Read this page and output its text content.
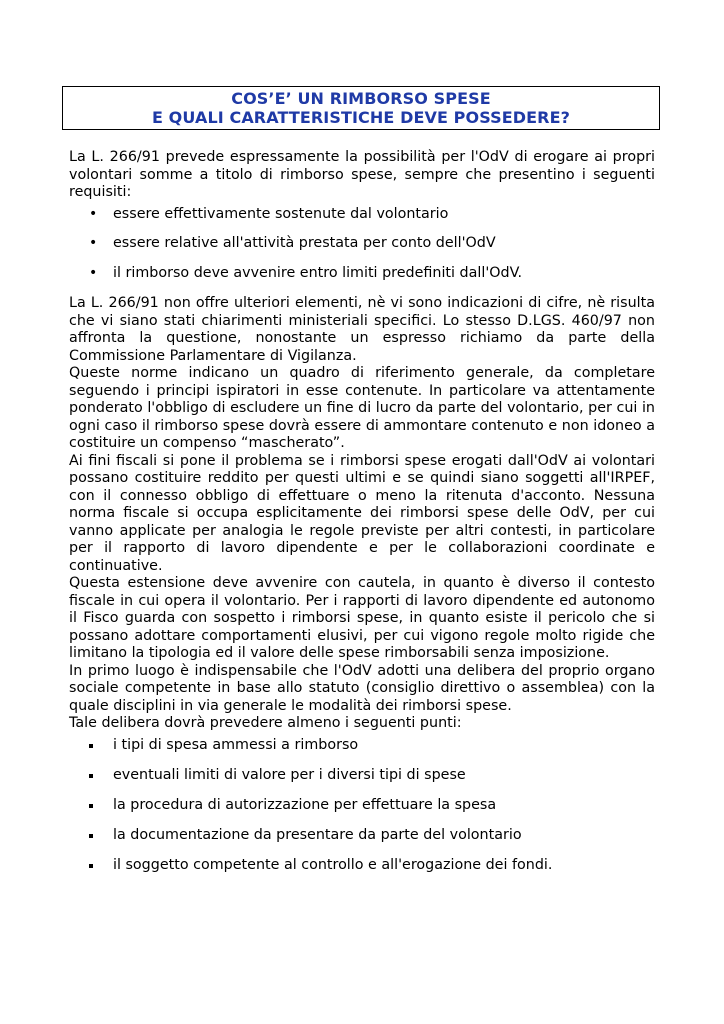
COS’E’ UN RIMBORSO SPESE
E QUALI CARATTERISTICHE DEVE POSSEDERE?

La L. 266/91 prevede espressamente la possibilità per l'OdV di erogare ai propri volontari somme a titolo di rimborso spese, sempre che presentino i seguenti requisiti:

• essere effettivamente sostenute dal volontario
• essere relative all'attività prestata per conto dell'OdV
• il rimborso deve avvenire entro limiti predefiniti dall'OdV.

La L. 266/91 non offre ulteriori elementi, nè vi sono indicazioni di cifre, nè risulta che vi siano stati chiarimenti ministeriali specifici. Lo stesso D.LGS. 460/97 non affronta la questione, nonostante un espresso richiamo da parte della Commissione Parlamentare di Vigilanza.

Queste norme indicano un quadro di riferimento generale, da completare seguendo i principi ispiratori in esse contenute. In particolare va attentamente ponderato l'obbligo di escludere un fine di lucro da parte del volontario, per cui in ogni caso il rimborso spese dovrà essere di ammontare contenuto e non idoneo a costituire un compenso “mascherato”.

Ai fini fiscali si pone il problema se i rimborsi spese erogati dall'OdV ai volontari possano costituire reddito per questi ultimi e se quindi siano soggetti all'IRPEF, con il connesso obbligo di effettuare o meno la ritenuta d'acconto. Nessuna norma fiscale si occupa esplicitamente dei rimborsi spese delle OdV, per cui vanno applicate per analogia le regole previste per altri contesti, in particolare per il rapporto di lavoro dipendente e per le collaborazioni coordinate e continuative.

Questa estensione deve avvenire con cautela, in quanto è diverso il contesto fiscale in cui opera il volontario. Per i rapporti di lavoro dipendente ed autonomo il Fisco guarda con sospetto i rimborsi spese, in quanto esiste il pericolo che si possano adottare comportamenti elusivi, per cui vigono regole molto rigide che limitano la tipologia ed il valore delle spese rimborsabili senza imposizione.

In primo luogo è indispensabile che l'OdV adotti una delibera del proprio organo sociale competente in base allo statuto (consiglio direttivo o assemblea) con la quale disciplini in via generale le modalità dei rimborsi spese.

Tale delibera dovrà prevedere almeno i seguenti punti:

i tipi di spesa ammessi a rimborso
eventuali limiti di valore per i diversi tipi di spese
la procedura di autorizzazione per effettuare la spesa
la documentazione da presentare da parte del volontario
il soggetto competente al controllo e all'erogazione dei fondi.
